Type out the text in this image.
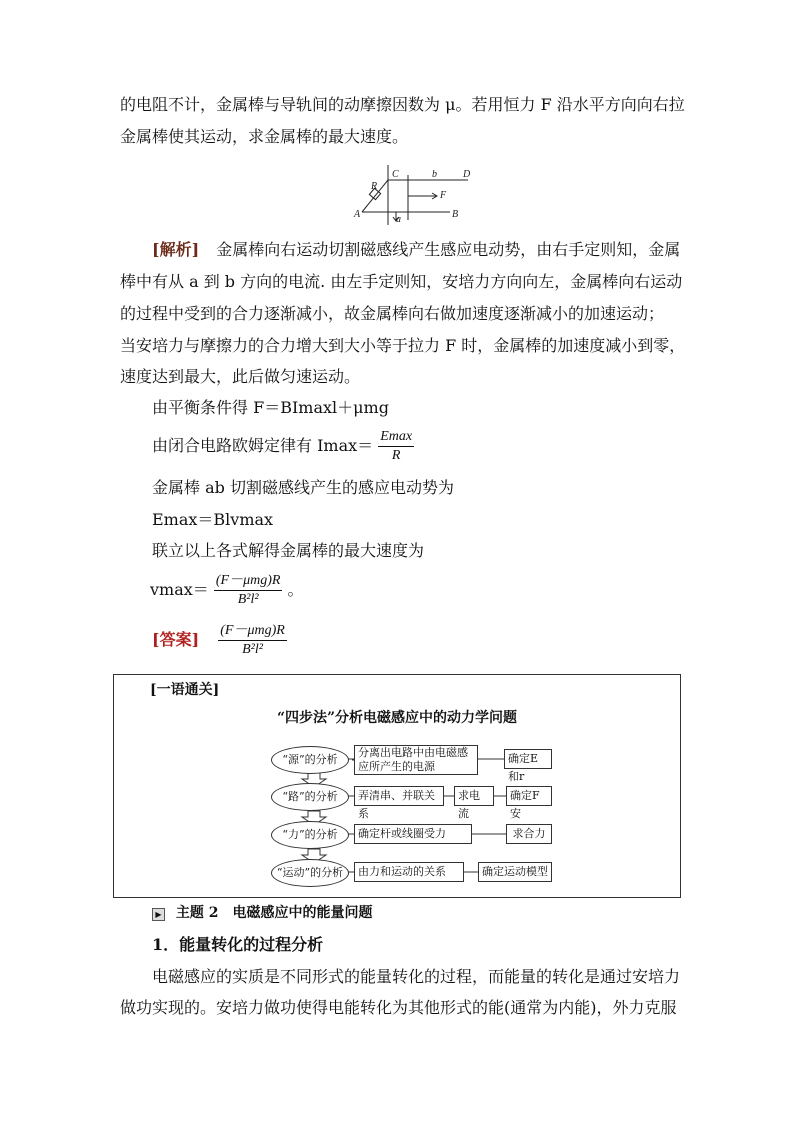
的电阻不计，金属棒与导轨间的动摩擦因数为 μ。若用恒力 F 沿水平方向向右拉
金属棒使其运动，求金属棒的最大速度。
R
C	b	D
F
A	a	B
[解析] 金属棒向右运动切割磁感线产生感应电动势，由右手定则知，金属
棒中有从 a 到 b 方向的电流. 由左手定则知，安培力方向向左，金属棒向右运动
的过程中受到的合力逐渐减小，故金属棒向右做加速度逐渐减小的加速运动；
当安培力与摩擦力的合力增大到大小等于拉力 F 时，金属棒的加速度减小到零，
速度达到最大，此后做匀速运动。
由平衡条件得 F＝BImaxl＋μmg
由闭合电路欧姆定律有 $Imax= \frac{Emax}{R}$
金属棒 ab 切割磁感线产生的感应电动势为
Emax＝Blvmax
联立以上各式解得金属棒的最大速度为
$vmax= \frac{\text{(F－μmg)R}}{\text{B²l²}}$ 。
[答案] $\frac{\text{(F－μmg)R}}{\text{B²l²}}$
[一语通关]
“四步法”分析电磁感应中的动力学问题
“源”的分析
分离出电路中由电磁感应所产生的电源
确定E和r
“路”的分析	弄清串、并联关系
求电流
确定F安
“力”的分析	确定杆或线圈受力	求合力
“运动”的分析	由力和运动的关系	确定运动模型
▶ 主题 2　电磁感应中的能量问题
1．能量转化的过程分析
电磁感应的实质是不同形式的能量转化的过程，而能量的转化是通过安培力
做功实现的。安培力做功使得电能转化为其他形式的能(通常为内能)，外力克服
